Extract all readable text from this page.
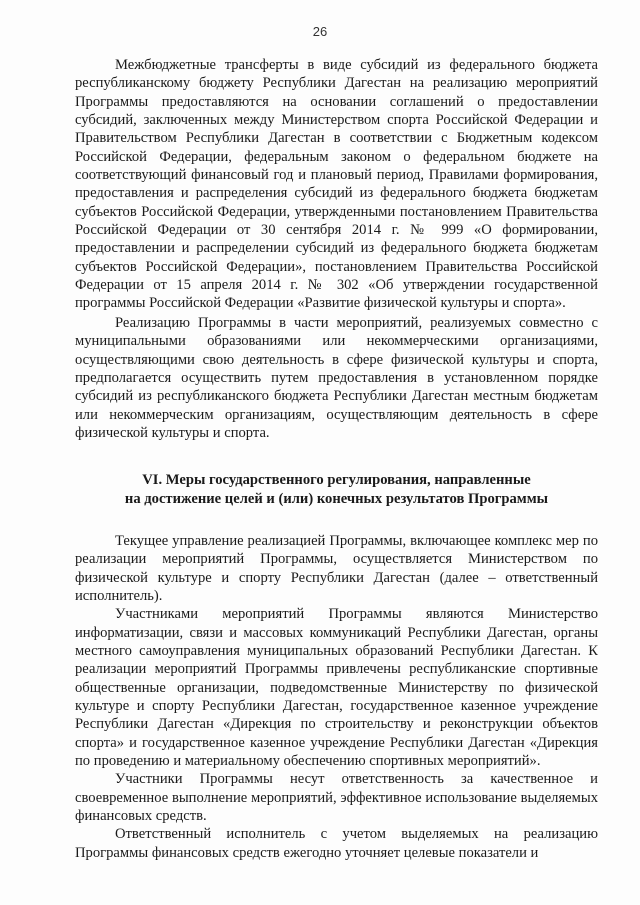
26

Межбюджетные трансферты в виде субсидий из федерального бюджета республиканскому бюджету Республики Дагестан на реализацию мероприятий Программы предоставляются на основании соглашений о предоставлении субсидий, заключенных между Министерством спорта Российской Федерации и Правительством Республики Дагестан в соответствии с Бюджетным кодексом Российской Федерации, федеральным законом о федеральном бюджете на соответствующий финансовый год и плановый период, Правилами формирования, предоставления и распределения субсидий из федерального бюджета бюджетам субъектов Российской Федерации, утвержденными постановлением Правительства Российской Федерации от 30 сентября 2014 г. № 999 «О формировании, предоставлении и распределении субсидий из федерального бюджета бюджетам субъектов Российской Федерации», постановлением Правительства Российской Федерации от 15 апреля 2014 г. № 302 «Об утверждении государственной программы Российской Федерации «Развитие физической культуры и спорта».

Реализацию Программы в части мероприятий, реализуемых совместно с муниципальными образованиями или некоммерческими организациями, осуществляющими свою деятельность в сфере физической культуры и спорта, предполагается осуществить путем предоставления в установленном порядке субсидий из республиканского бюджета Республики Дагестан местным бюджетам или некоммерческим организациям, осуществляющим деятельность в сфере физической культуры и спорта.

VI. Меры государственного регулирования, направленные
на достижение целей и (или) конечных результатов Программы

Текущее управление реализацией Программы, включающее комплекс мер по реализации мероприятий Программы, осуществляется Министерством по физической культуре и спорту Республики Дагестан (далее – ответственный исполнитель).

Участниками мероприятий Программы являются Министерство информатизации, связи и массовых коммуникаций Республики Дагестан, органы местного самоуправления муниципальных образований Республики Дагестан. К реализации мероприятий Программы привлечены республиканские спортивные общественные организации, подведомственные Министерству по физической культуре и спорту Республики Дагестан, государственное казенное учреждение Республики Дагестан «Дирекция по строительству и реконструкции объектов спорта» и государственное казенное учреждение Республики Дагестан «Дирекция по проведению и материальному обеспечению спортивных мероприятий».

Участники Программы несут ответственность за качественное и своевременное выполнение мероприятий, эффективное использование выделяемых финансовых средств.

Ответственный исполнитель с учетом выделяемых на реализацию Программы финансовых средств ежегодно уточняет целевые показатели и
